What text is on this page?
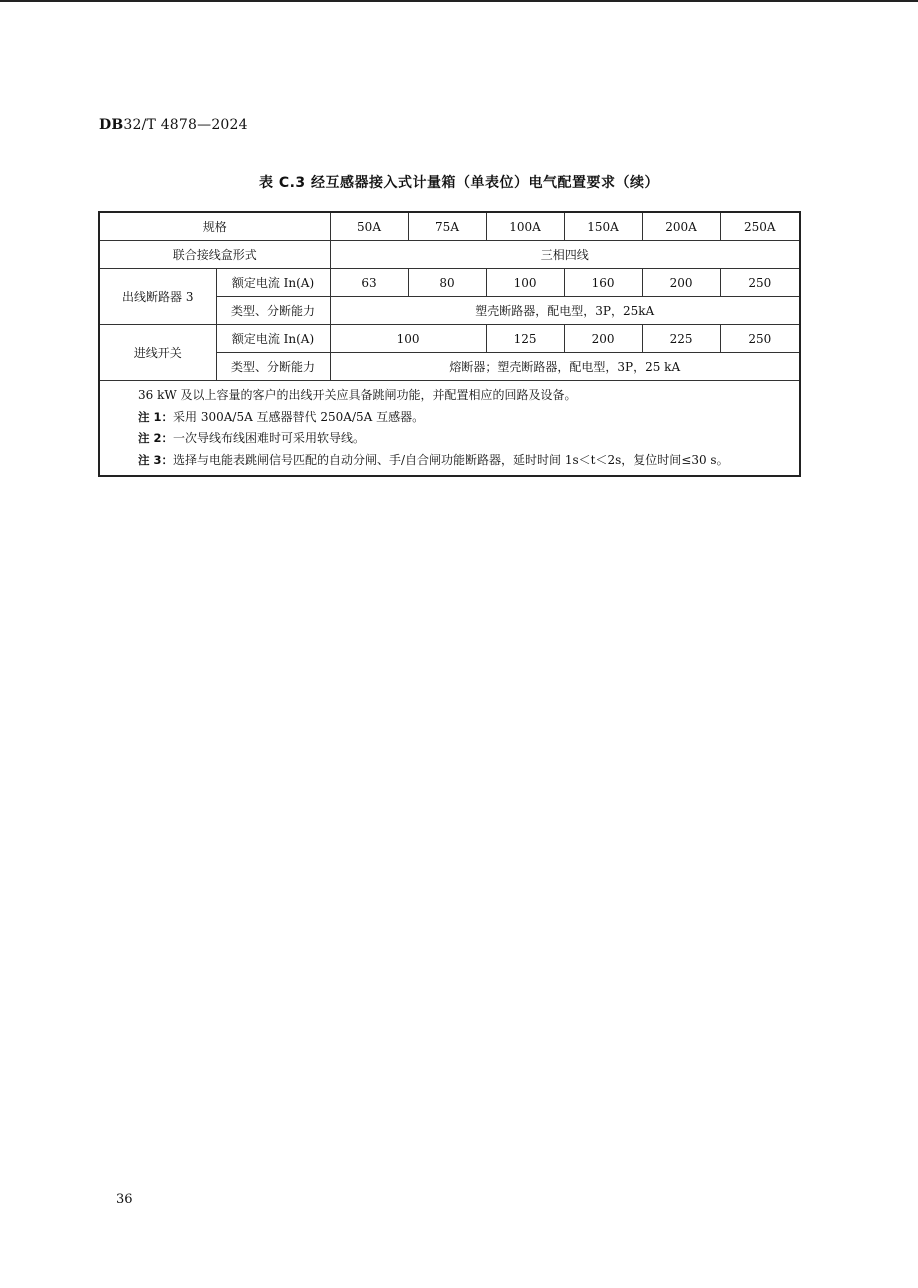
DB32/T 4878—2024
表 C.3 经互感器接入式计量箱（单表位）电气配置要求（续）
规格		50A	75A	100A	150A	200A	250A
联合接线盒形式		三相四线					
出线断路器 3	额定电流 In(A)	63	80	100	160	200	250
	类型、分断能力	塑壳断路器，配电型，3P，25kA					
进线开关	额定电流 In(A)	100		125	200	225	250
	类型、分断能力	熔断器；塑壳断路器，配电型，3P，25 kA					

36 kW 及以上容量的客户的出线开关应具备跳闸功能，并配置相应的回路及设备。
注 1：采用 300A/5A 互感器替代 250A/5A 互感器。
注 2：一次导线布线困难时可采用软导线。
注 3：选择与电能表跳闸信号匹配的自动分闸、手/自合闸功能断路器，延时时间 1s＜t＜2s，复位时间≤30 s。							
36
